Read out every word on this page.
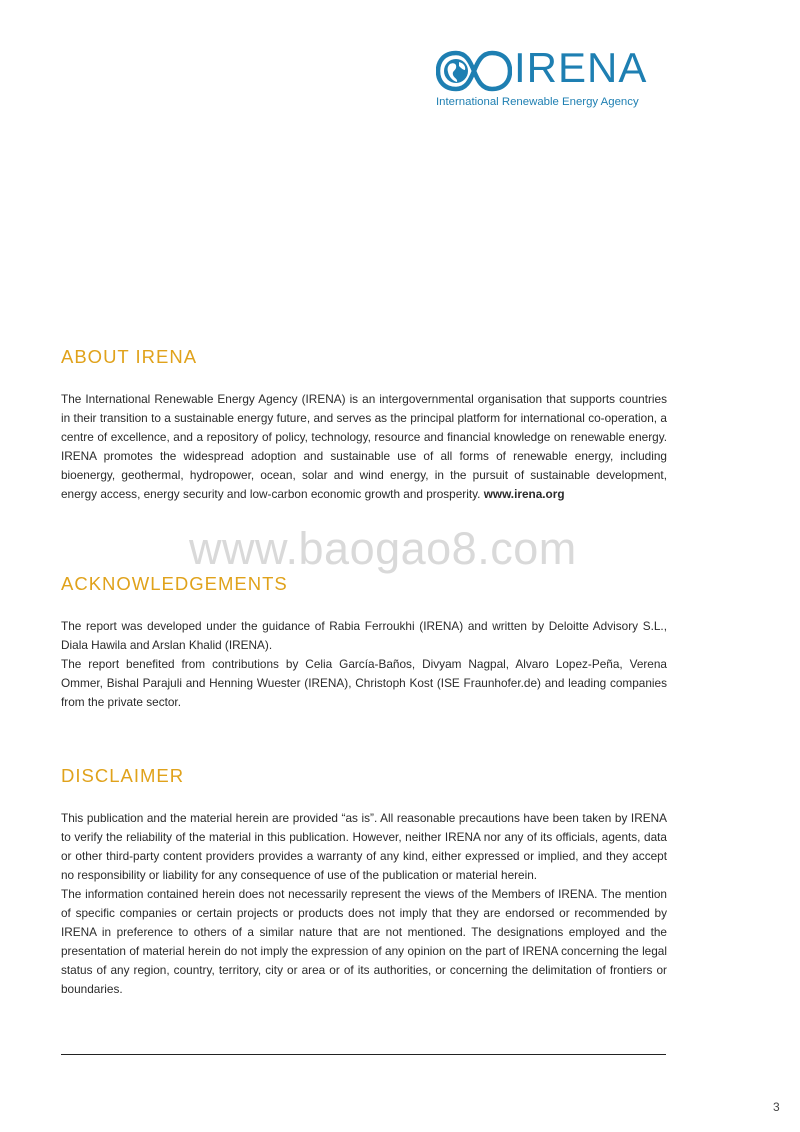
IRENA
International Renewable Energy Agency
ABOUT IRENA

The International Renewable Energy Agency (IRENA) is an intergovernmental organisation that supports countries in their transition to a sustainable energy future, and serves as the principal platform for international co-operation, a centre of excellence, and a repository of policy, technology, resource and financial knowledge on renewable energy. IRENA promotes the widespread adoption and sustainable use of all forms of renewable energy, including bioenergy, geothermal, hydropower, ocean, solar and wind energy, in the pursuit of sustainable development, energy access, energy security and low-carbon economic growth and prosperity. www.irena.org

www.baogao8.com
ACKNOWLEDGEMENTS

The report was developed under the guidance of Rabia Ferroukhi (IRENA) and written by Deloitte Advisory S.L., Diala Hawila and Arslan Khalid (IRENA).

The report benefited from contributions by Celia García-Baños, Divyam Nagpal, Alvaro Lopez-Peña, Verena Ommer, Bishal Parajuli and Henning Wuester (IRENA), Christoph Kost (ISE Fraunhofer.de) and leading companies from the private sector.

DISCLAIMER

This publication and the material herein are provided “as is”. All reasonable precautions have been taken by IRENA to verify the reliability of the material in this publication. However, neither IRENA nor any of its officials, agents, data or other third-party content providers provides a warranty of any kind, either expressed or implied, and they accept no responsibility or liability for any consequence of use of the publication or material herein.

The information contained herein does not necessarily represent the views of the Members of IRENA. The mention of specific companies or certain projects or products does not imply that they are endorsed or recommended by IRENA in preference to others of a similar nature that are not mentioned. The designations employed and the presentation of material herein do not imply the expression of any opinion on the part of IRENA concerning the legal status of any region, country, territory, city or area or of its authorities, or concerning the delimitation of frontiers or boundaries.

3
